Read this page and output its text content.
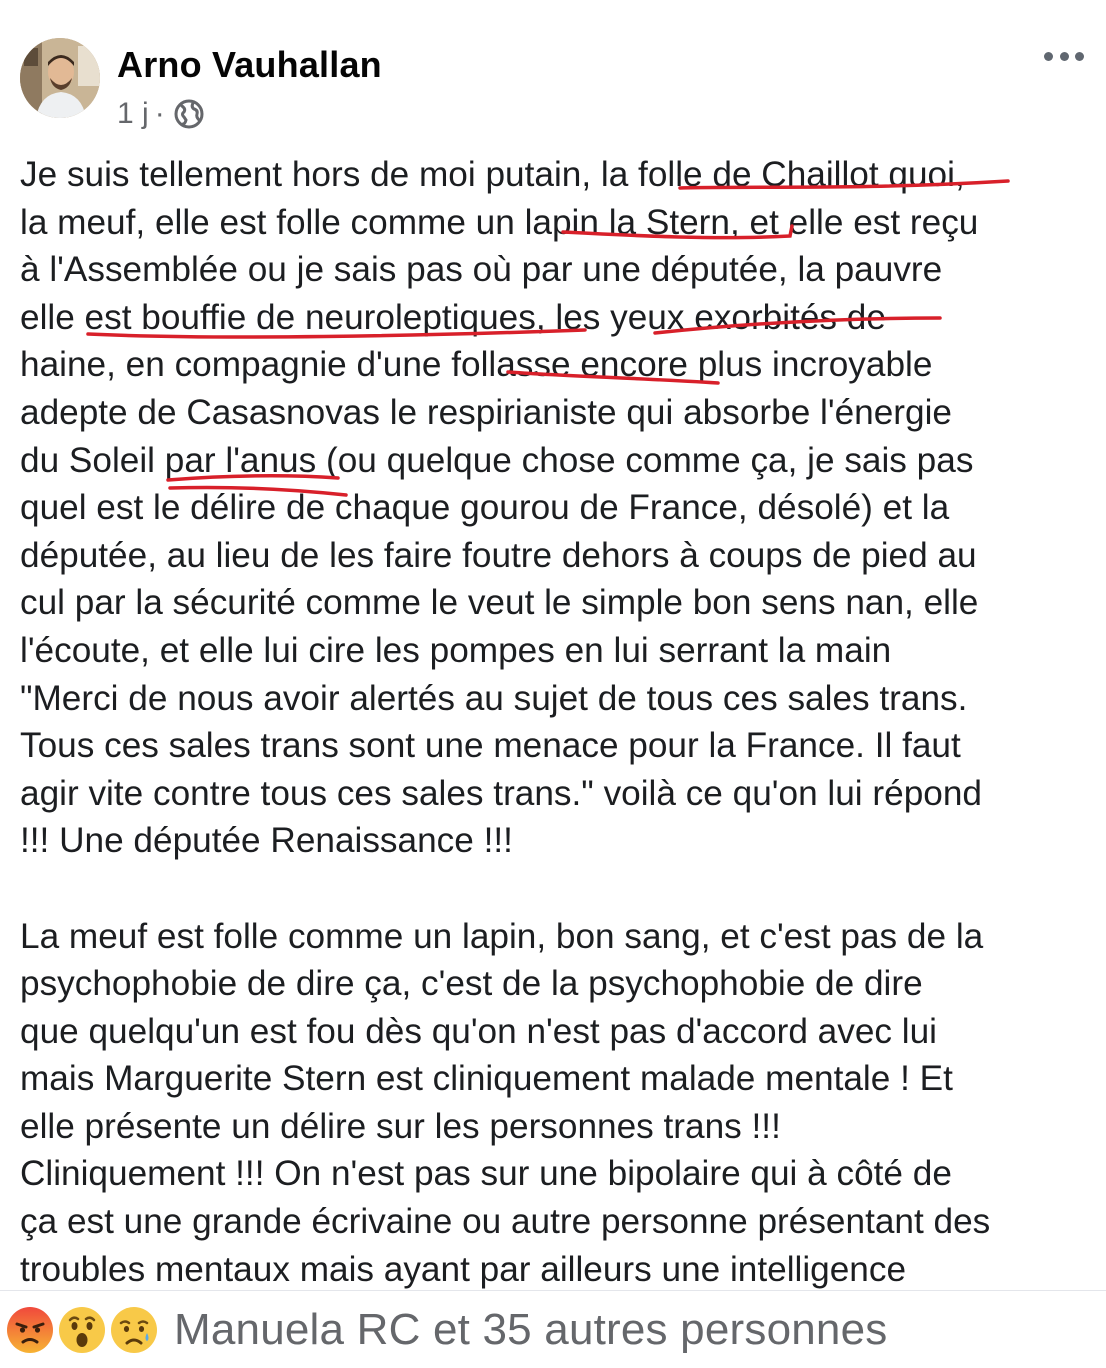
Arno Vauhallan
1 j ·

Je suis tellement hors de moi putain, la folle de Chaillot quoi,
la meuf, elle est folle comme un lapin la Stern, et elle est reçu
à l'Assemblée ou je sais pas où par une députée, la pauvre
elle est bouffie de neuroleptiques, les yeux exorbités de
haine, en compagnie d'une follasse encore plus incroyable
adepte de Casasnovas le respirianiste qui absorbe l'énergie
du Soleil par l'anus (ou quelque chose comme ça, je sais pas
quel est le délire de chaque gourou de France, désolé) et la
députée, au lieu de les faire foutre dehors à coups de pied au
cul par la sécurité comme le veut le simple bon sens nan, elle
l'écoute, et elle lui cire les pompes en lui serrant la main
"Merci de nous avoir alertés au sujet de tous ces sales trans.
Tous ces sales trans sont une menace pour la France. Il faut
agir vite contre tous ces sales trans." voilà ce qu'on lui répond
!!! Une députée Renaissance !!!

La meuf est folle comme un lapin, bon sang, et c'est pas de la
psychophobie de dire ça, c'est de la psychophobie de dire
que quelqu'un est fou dès qu'on n'est pas d'accord avec lui
mais Marguerite Stern est cliniquement malade mentale ! Et
elle présente un délire sur les personnes trans !!!
Cliniquement !!! On n'est pas sur une bipolaire qui à côté de
ça est une grande écrivaine ou autre personne présentant des
troubles mentaux mais ayant par ailleurs une intelligence

Manuela RC et 35 autres personnes
